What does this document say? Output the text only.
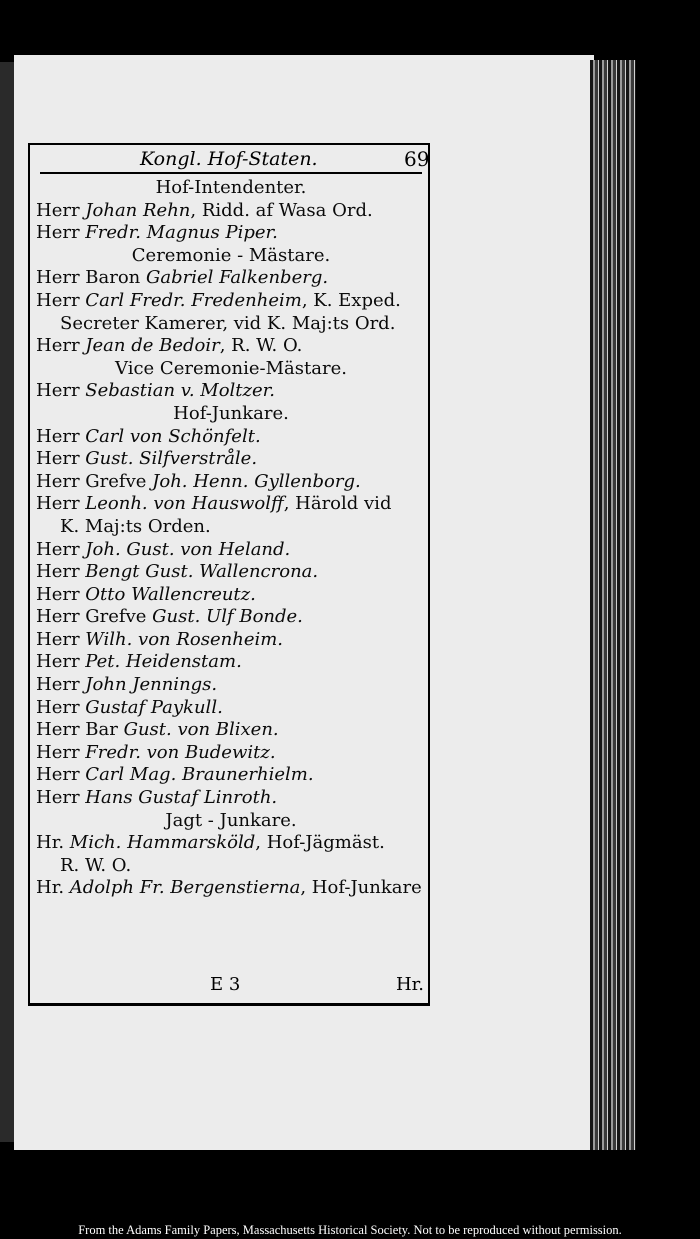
Kongl. Hof-Staten.	69
Hof-Intendenter.
Herr Johan Rehn, Ridd. af Wasa Ord.
Herr Fredr. Magnus Piper.
Ceremonie - Mästare.
Herr Baron Gabriel Falkenberg.
Herr Carl Fredr. Fredenheim, K. Exped.
Secreter Kamerer, vid K. Maj:ts Ord.
Herr Jean de Bedoir, R. W. O.
Vice Ceremonie-Mästare.
Herr Sebastian v. Moltzer.
Hof-Junkare.
Herr Carl von Schönfelt.
Herr Gust. Silfverstråle.
Herr Grefve Joh. Henn. Gyllenborg.
Herr Leonh. von Hauswolff, Härold vid
K. Maj:ts Orden.
Herr Joh. Gust. von Heland.
Herr Bengt Gust. Wallencrona.
Herr Otto Wallencreutz.
Herr Grefve Gust. Ulf Bonde.
Herr Wilh. von Rosenheim.
Herr Pet. Heidenstam.
Herr John Jennings.
Herr Gustaf Paykull.
Herr Bar Gust. von Blixen.
Herr Fredr. von Budewitz.
Herr Carl Mag. Braunerhielm.
Herr Hans Gustaf Linroth.
Jagt - Junkare.
Hr. Mich. Hammarsköld, Hof-Jägmäst.
R. W. O.
Hr. Adolph Fr. Bergenstierna, Hof-Junkare
E 3	Hr.
From the Adams Family Papers, Massachusetts Historical Society. Not to be reproduced without permission.
